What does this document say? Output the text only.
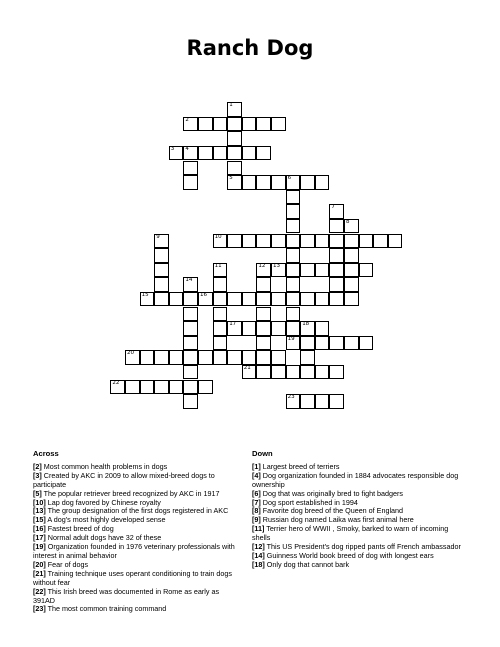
Ranch Dog
1
2
3 4
5	6
19
7
8
9	10
11	12 13
14
15	16
17	18
20
21
22
23
Across
[2] Most common health problems in dogs
[3] Created by AKC in 2009 to allow mixed-breed dogs to participate
[5] The popular retriever breed recognized by AKC in 1917
[10] Lap dog favored by Chinese royalty
[13] The group designation of the first dogs registered in AKC
[15] A dog's most highly developed sense
[16] Fastest breed of dog
[17] Normal adult dogs have 32 of these
[19] Organization founded in 1976 veterinary professionals with interest in animal behavior
[20] Fear of dogs
[21] Training technique uses operant conditioning to train dogs without fear
[22] This Irish breed was documented in Rome as early as 391AD
[23] The most common training command
Down
[1] Largest breed of terriers
[4] Dog organization founded in 1884 advocates responsible dog ownership
[6] Dog that was originally bred to fight badgers
[7] Dog sport established in 1994
[8] Favorite dog breed of the Queen of England
[9] Russian dog named Laika was first animal here
[11] Terrier hero of WWII , Smoky, barked to warn of incoming shells
[12] This US President's dog ripped pants off French ambassador
[14] Guinness World book breed of dog with longest ears
[18] Only dog that cannot bark
